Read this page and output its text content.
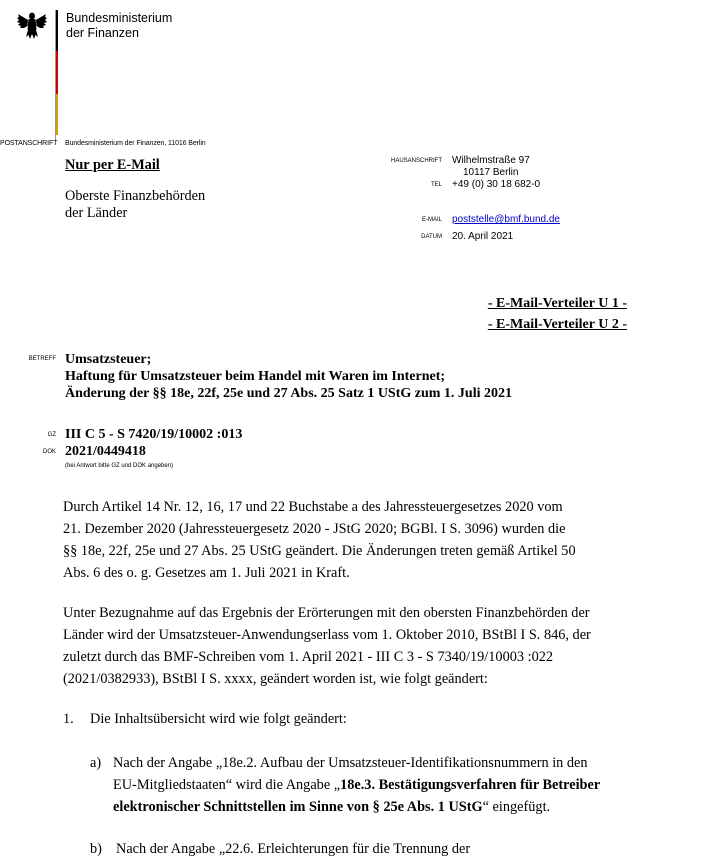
Bundesministerium
der Finanzen
POSTANSCHRIFT Bundesministerium der Finanzen, 11016 Berlin
Nur per E-Mail
Oberste Finanzbehörden
der Länder
HAUSANSCHRIFT Wilhelmstraße 97
10117 Berlin
TEL +49 (0) 30 18 682-0
E-MAIL poststelle@bmf.bund.de
DATUM 20. April 2021
- E-Mail-Verteiler U 1 -
- E-Mail-Verteiler U 2 -
BETREFF Umsatzsteuer;
Haftung für Umsatzsteuer beim Handel mit Waren im Internet;
Änderung der §§ 18e, 22f, 25e und 27 Abs. 25 Satz 1 UStG zum 1. Juli 2021
GZ III C 5 - S 7420/19/10002 :013
DOK 2021/0449418
(bei Antwort bitte GZ und DOK angeben)
Durch Artikel 14 Nr. 12, 16, 17 und 22 Buchstabe a des Jahressteuergesetzes 2020 vom
21. Dezember 2020 (Jahressteuergesetz 2020 - JStG 2020; BGBl. I S. 3096) wurden die
§§ 18e, 22f, 25e und 27 Abs. 25 UStG geändert. Die Änderungen treten gemäß Artikel 50
Abs. 6 des o. g. Gesetzes am 1. Juli 2021 in Kraft.
Unter Bezugnahme auf das Ergebnis der Erörterungen mit den obersten Finanzbehörden der
Länder wird der Umsatzsteuer-Anwendungserlass vom 1. Oktober 2010, BStBl I S. 846, der
zuletzt durch das BMF-Schreiben vom 1. April 2021 - III C 3 - S 7340/19/10003 :022
(2021/0382933), BStBl I S. xxxx, geändert worden ist, wie folgt geändert:
1. Die Inhaltsübersicht wird wie folgt geändert:
a) Nach der Angabe „18e.2. Aufbau der Umsatzsteuer-Identifikationsnummern in den
EU-Mitgliedstaaten“ wird die Angabe „18e.3. Bestätigungsverfahren für Betreiber
elektronischer Schnittstellen im Sinne von § 25e Abs. 1 UStG“ eingefügt.
b) Nach der Angabe „22.6. Erleichterungen für die Trennung der
